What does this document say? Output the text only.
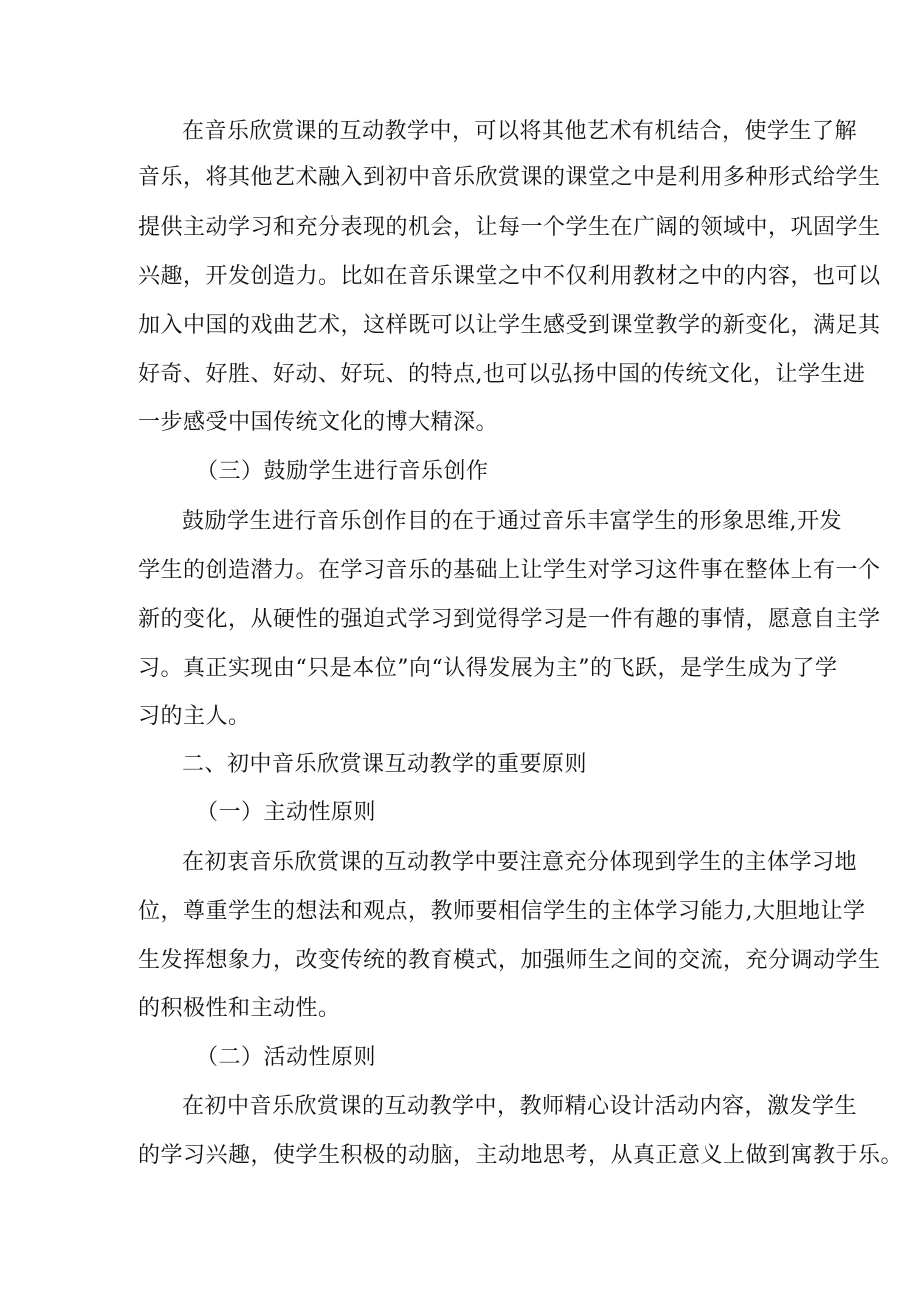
在音乐欣赏课的互动教学中，可以将其他艺术有机结合，使学生了解
音乐，将其他艺术融入到初中音乐欣赏课的课堂之中是利用多种形式给学生
提供主动学习和充分表现的机会，让每一个学生在广阔的领域中，巩固学生
兴趣，开发创造力。比如在音乐课堂之中不仅利用教材之中的内容，也可以
加入中国的戏曲艺术，这样既可以让学生感受到课堂教学的新变化，满足其
好奇、好胜、好动、好玩、的特点,也可以弘扬中国的传统文化，让学生进
一步感受中国传统文化的博大精深。
（三）鼓励学生进行音乐创作
鼓励学生进行音乐创作目的在于通过音乐丰富学生的形象思维,开发
学生的创造潜力。在学习音乐的基础上让学生对学习这件事在整体上有一个
新的变化，从硬性的强迫式学习到觉得学习是一件有趣的事情，愿意自主学
习。真正实现由“只是本位”向“认得发展为主”的飞跃，是学生成为了学
习的主人。
二、初中音乐欣赏课互动教学的重要原则
（一）主动性原则
在初衷音乐欣赏课的互动教学中要注意充分体现到学生的主体学习地
位，尊重学生的想法和观点，教师要相信学生的主体学习能力,大胆地让学
生发挥想象力，改变传统的教育模式，加强师生之间的交流，充分调动学生
的积极性和主动性。
（二）活动性原则
在初中音乐欣赏课的互动教学中，教师精心设计活动内容，激发学生
的学习兴趣，使学生积极的动脑，主动地思考，从真正意义上做到寓教于乐。
